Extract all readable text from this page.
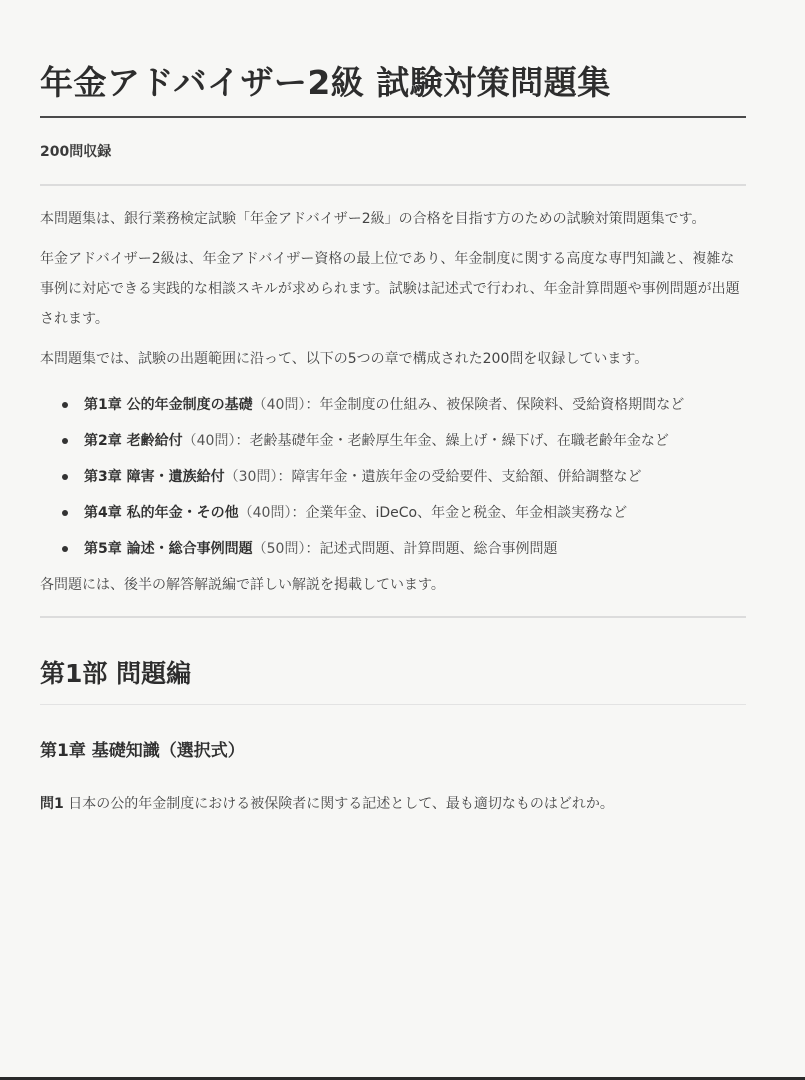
年金アドバイザー2級 試験対策問題集
200問収録

本問題集は、銀行業務検定試験「年金アドバイザー2級」の合格を目指す方のための試験対策問題集です。

年金アドバイザー2級は、年金アドバイザー資格の最上位であり、年金制度に関する高度な専門知識と、複雑な事例に対応できる実践的な相談スキルが求められます。試験は記述式で行われ、年金計算問題や事例問題が出題されます。

本問題集では、試験の出題範囲に沿って、以下の5つの章で構成された200問を収録しています。

第1章 公的年金制度の基礎（40問）：年金制度の仕組み、被保険者、保険料、受給資格期間など
第2章 老齢給付（40問）：老齢基礎年金・老齢厚生年金、繰上げ・繰下げ、在職老齢年金など
第3章 障害・遺族給付（30問）：障害年金・遺族年金の受給要件、支給額、併給調整など
第4章 私的年金・その他（40問）：企業年金、iDeCo、年金と税金、年金相談実務など
第5章 論述・総合事例問題（50問）：記述式問題、計算問題、総合事例問題

各問題には、後半の解答解説編で詳しい解説を掲載しています。

第1部 問題編
第1章 基礎知識（選択式）

問1 日本の公的年金制度における被保険者に関する記述として、最も適切なものはどれか。
